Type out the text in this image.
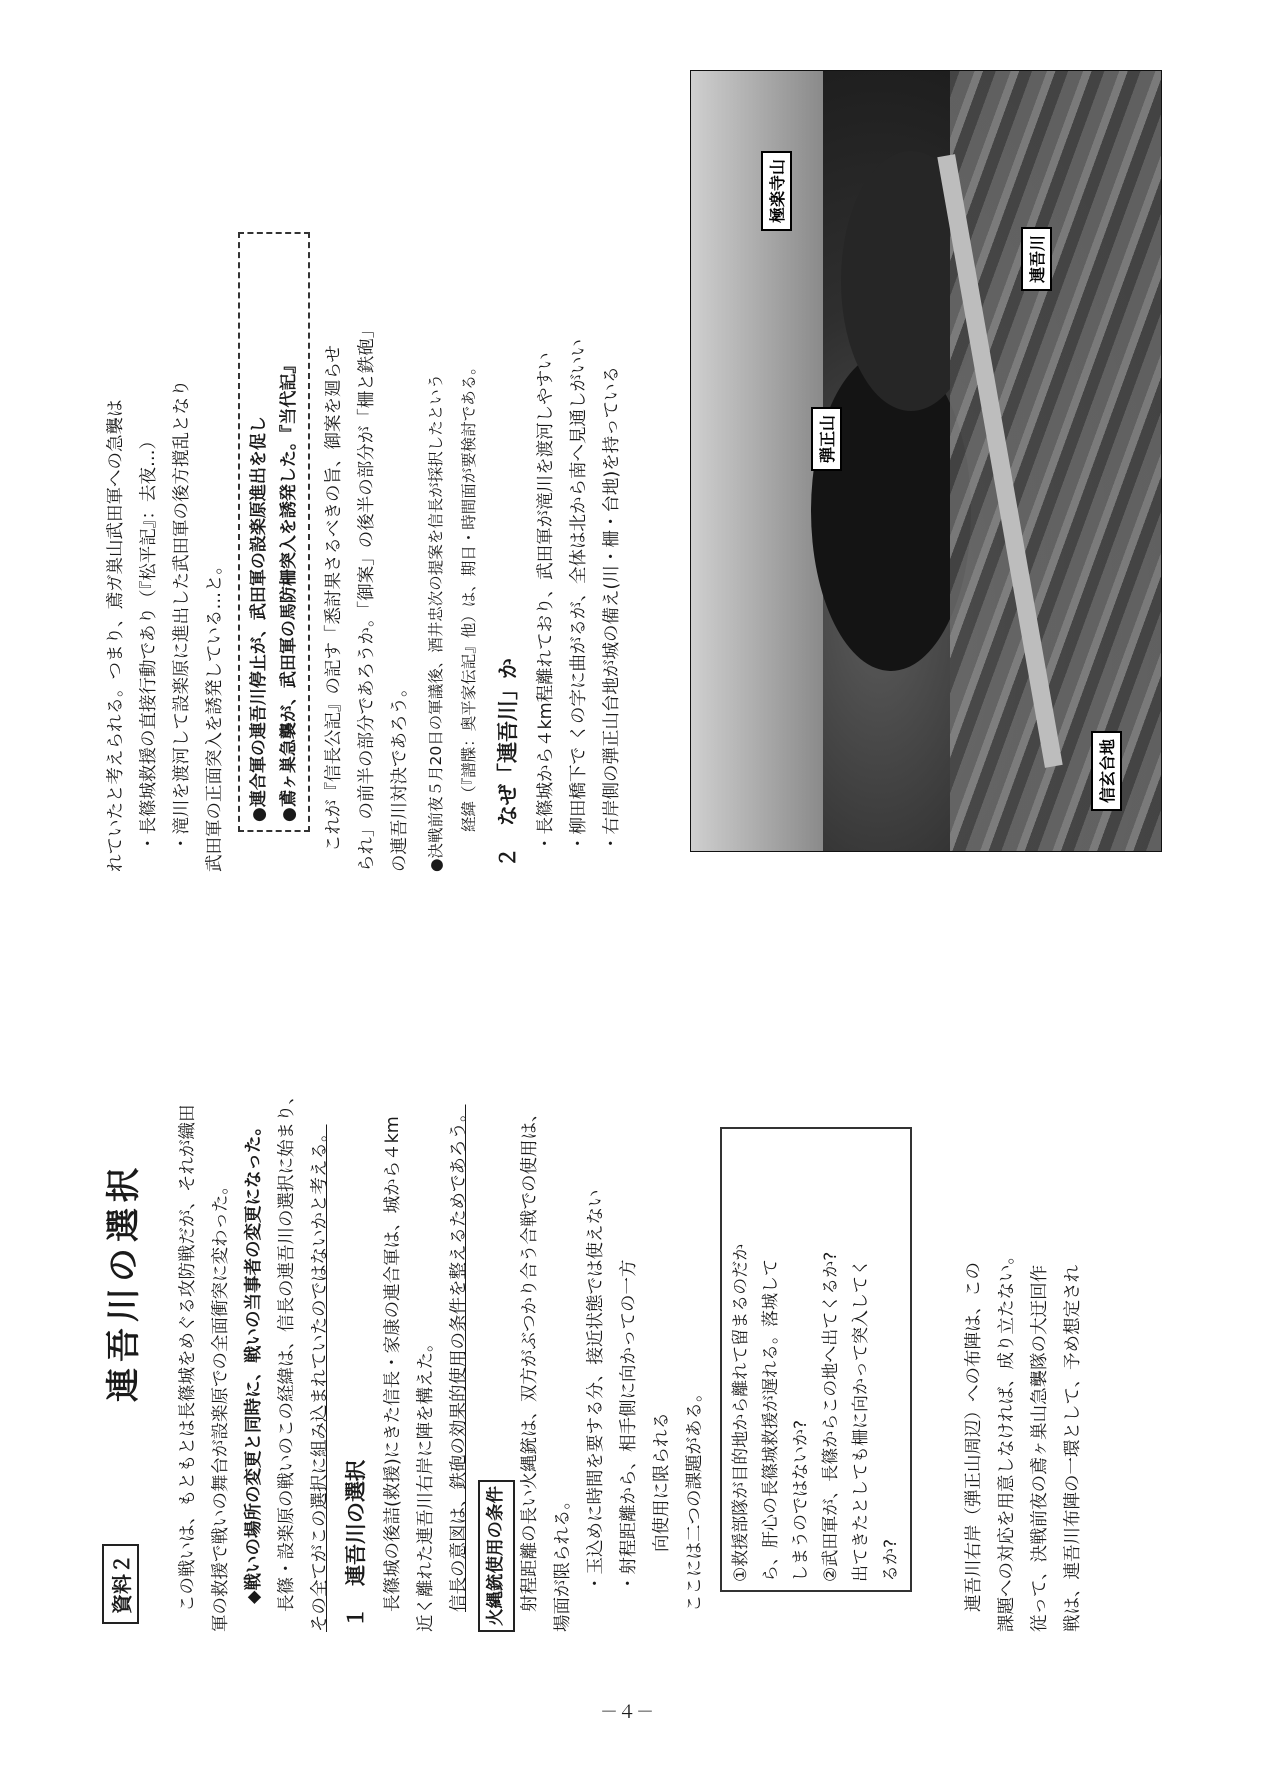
資料２
連吾川の選択	この戦いは、もともとは長篠城をめぐる攻防戦だが、それが織田 軍の救援で戦いの舞台が設楽原での全面衝突に変わった。 ◆戦いの場所の変更と同時に、戦いの当事者の変更になった。 長篠・設楽原の戦いのこの経緯は、信長の連吾川の選択に始まり、 その全てがこの選択に組み込まれていたのではないかと考える。 １　連吾川の選択 長篠城の後詰(救援)にきた信長・家康の連合軍は、城から４km 近く離れた連吾川右岸に陣を構えた。 信長の意図は、鉄砲の効果的使用の条件を整えるためであろう。 火縄銃使用の条件 射程距離の長い火縄銃は、双方がぶつかり合う合戦での使用は、 場面が限られる。 ・玉込めに時間を要する分、接近状態では使えない ・射程距離から、相手側に向かっての一方 向使用に限られる ここには二つの課題がある。	①救援部隊が目的地から離れて留まるのだか ら、肝心の長篠城救援が遅れる。落城して しまうのではないか? ②武田軍が、長篠からこの地へ出てくるか? 出てきたとしても柵に向かって突入してく るか?	連吾川右岸（弾正山周辺）への布陣は、この 課題への対応を用意しなければ、成り立たない。 従って、決戦前夜の鳶ヶ巣山急襲隊の大迂回作 戦は、連吾川布陣の一環として、予め想定され
れていたと考えられる。つまり、鳶ガ巣山武田軍への急襲は ・長篠城救援の直接行動であり（『松平記』：去夜…） ・滝川を渡河して設楽原に進出した武田軍の後方撹乱となり 武田軍の正面突入を誘発している…と。	●連合軍の連吾川停止が、武田軍の設楽原進出を促し ●鳶ヶ巣急襲が、武田軍の馬防柵突入を誘発した。『当代記』	これが『信長公記』の記す「悉討果さるべきの旨、御案を廻らせ られ」の前半の部分であろうか。「御案」の後半の部分が「柵と鉄砲」 の連吾川対決であろう。	●決戦前夜５月20日の軍議後、酒井忠次の提案を信長が採択したという 経緯（『譜牒：奥平家伝記』他）は、期日・時間面が要検討である。 ２　なぜ「連吾川」か ・長篠城から４km程離れており、武田軍が滝川を渡河しやすい ・柳田橋下で くの字に曲がるが、全体は北から南へ見通しがいい ・右岸側の弾正山台地が城の備え(川・柵・台地)を持っている
極楽寺山
弾正山
連吾川
信玄台地
－４－
